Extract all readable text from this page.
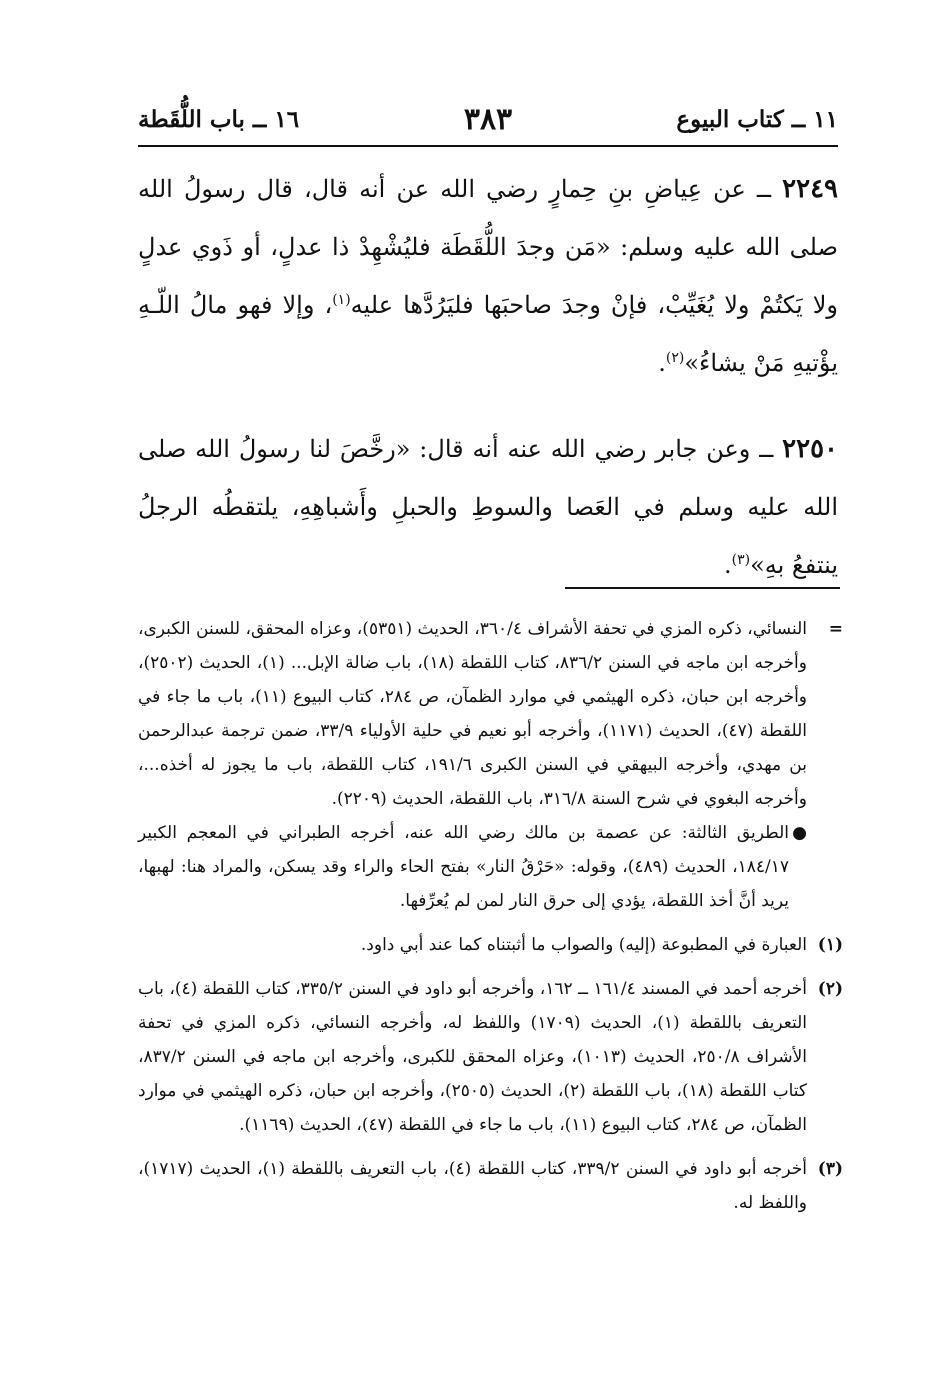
١١ ــ كتاب البيوع
٣٨٣
١٦ ــ باب اللُّقَطة

٢٢٤٩ ــ عن عِياضِ بنِ حِمارٍ رضي الله عن أنه قال، قال رسولُ الله صلى الله عليه وسلم: «مَن وجدَ اللُّقَطَة فليُشْهِدْ ذا عدلٍ، أو ذَوي عدلٍ ولا يَكتُمْ ولا يُغَيِّبْ، فإنْ وجدَ صاحبَها فليَرُدَّها عليه$^{(١)}$، وإلا فهو مالُ اللّـهِ يؤْتيهِ مَنْ يشاءُ»$^{(٢)}$.

٢٢٥٠ ــ وعن جابر رضي الله عنه أنه قال: «رخَّصَ لنا رسولُ الله صلى الله عليه وسلم في العَصا والسوطِ والحبلِ وأَشباهِهِ، يلتقطُه الرجلُ ينتفعُ بهِ»$^{(٣)}$.

=

النسائي، ذكره المزي في تحفة الأشراف ٣٦٠/٤، الحديث (٥٣٥١)، وعزاه المحقق، للسنن الكبرى، وأخرجه ابن ماجه في السنن ٨٣٦/٢، كتاب اللقطة (١٨)، باب ضالة الإبل... (١)، الحديث (٢٥٠٢)، وأخرجه ابن حبان، ذكره الهيثمي في موارد الظمآن، ص ٢٨٤، كتاب البيوع (١١)، باب ما جاء في اللقطة (٤٧)، الحديث (١١٧١)، وأخرجه أبو نعيم في حلية الأولياء ٣٣/٩، ضمن ترجمة عبدالرحمن بن مهدي، وأخرجه البيهقي في السنن الكبرى ١٩١/٦، كتاب اللقطة، باب ما يجوز له أخذه...، وأخرجه البغوي في شرح السنة ٣١٦/٨، باب اللقطة، الحديث (٢٢٠٩).

●

الطريق الثالثة: عن عصمة بن مالك رضي الله عنه، أخرجه الطبراني في المعجم الكبير ١٨٤/١٧، الحديث (٤٨٩)، وقوله: «حَرْقُ النار» بفتح الحاء والراء وقد يسكن، والمراد هنا: لهبها، يريد أنَّ أخذ اللقطة، يؤدي إلى حرق النار لمن لم يُعرِّفها.

(١)

العبارة في المطبوعة (إليه) والصواب ما أثبتناه كما عند أبي داود.

(٢)

أخرجه أحمد في المسند ١٦١/٤ ــ ١٦٢، وأخرجه أبو داود في السنن ٣٣٥/٢، كتاب اللقطة (٤)، باب التعريف باللقطة (١)، الحديث (١٧٠٩) واللفظ له، وأخرجه النسائي، ذكره المزي في تحفة الأشراف ٢٥٠/٨، الحديث (١٠١٣)، وعزاه المحقق للكبرى، وأخرجه ابن ماجه في السنن ٨٣٧/٢، كتاب اللقطة (١٨)، باب اللقطة (٢)، الحديث (٢٥٠٥)، وأخرجه ابن حبان، ذكره الهيثمي في موارد الظمآن، ص ٢٨٤، كتاب البيوع (١١)، باب ما جاء في اللقطة (٤٧)، الحديث (١١٦٩).

(٣)

أخرجه أبو داود في السنن ٣٣٩/٢، كتاب اللقطة (٤)، باب التعريف باللقطة (١)، الحديث (١٧١٧)، واللفظ له.
